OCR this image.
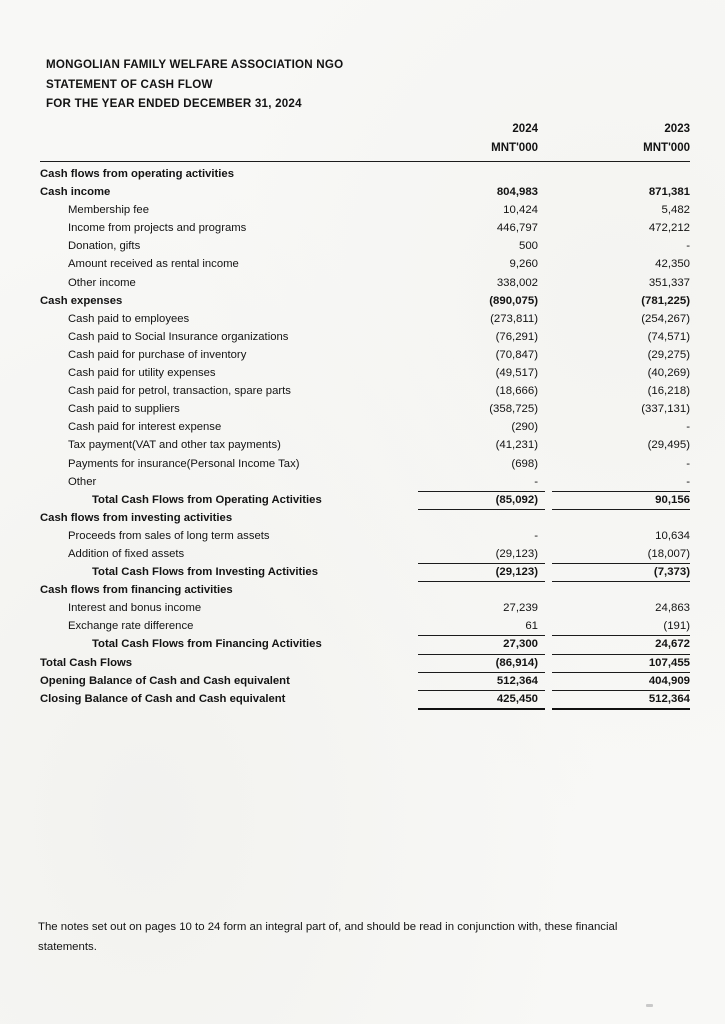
MONGOLIAN FAMILY WELFARE ASSOCIATION NGO
STATEMENT OF CASH FLOW
FOR THE YEAR ENDED DECEMBER 31, 2024
2024	2023
MNT'000	MNT'000
Cash flows from operating activities
Cash income	804,983	871,381
Membership fee	10,424	5,482
Income from projects and programs	446,797	472,212
Donation, gifts	500	-
Amount received as rental income	9,260	42,350
Other income	338,002	351,337
Cash expenses	(890,075)	(781,225)
Cash paid to employees	(273,811)	(254,267)
Cash paid to Social Insurance organizations	(76,291)	(74,571)
Cash paid for purchase of inventory	(70,847)	(29,275)
Cash paid for utility expenses	(49,517)	(40,269)
Cash paid for petrol, transaction, spare parts	(18,666)	(16,218)
Cash paid to suppliers	(358,725)	(337,131)
Cash paid for interest expense	(290)	-
Tax payment(VAT and other tax payments)	(41,231)	(29,495)
Payments for insurance(Personal Income Tax)	(698)	-
Other	-	-
Total Cash Flows from Operating Activities	(85,092)	90,156
Cash flows from investing activities
Proceeds from sales of long term assets	-	10,634
Addition of fixed assets	(29,123)	(18,007)
Total Cash Flows from Investing Activities	(29,123)	(7,373)
Cash flows from financing activities
Interest and bonus income	27,239	24,863
Exchange rate difference	61	(191)
Total Cash Flows from Financing Activities	27,300	24,672
Total Cash Flows	(86,914)	107,455
Opening Balance of Cash and Cash equivalent	512,364	404,909
Closing Balance of Cash and Cash equivalent	425,450	512,364
The notes set out on pages 10 to 24 form an integral part of, and should be read in conjunction with, these financial statements.
